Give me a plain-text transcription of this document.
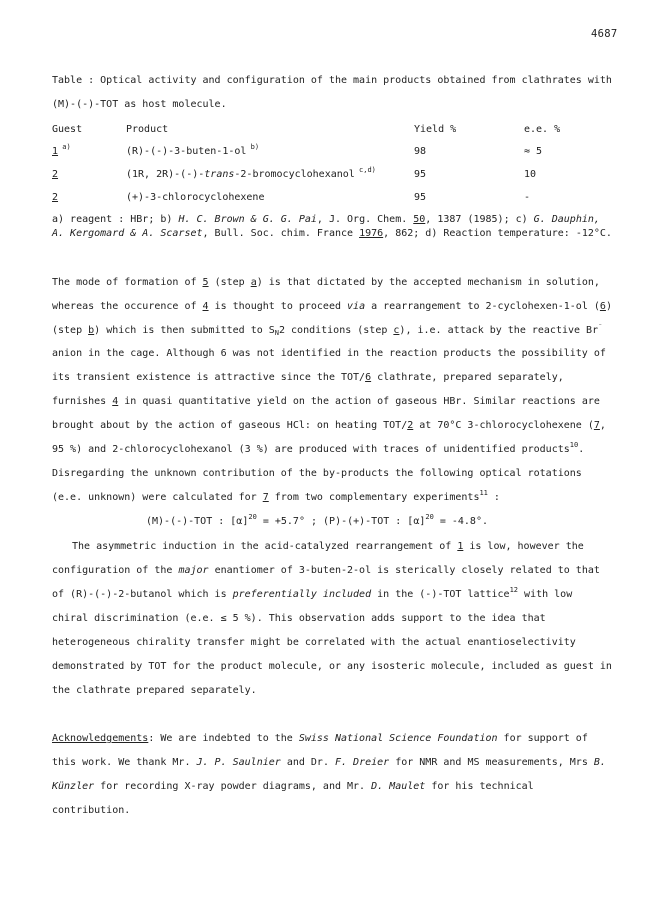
4687
Table : Optical activity and configuration of the main products obtained from clathrates with
(M)-(-)-TOT as host molecule.
Guest	Product	Yield %	e.e. %
1 $^{a)}$	(R)-(-)-3-buten-1-ol $^{b)}$	98	≈ 5
2	(1R, 2R)-(-)-trans-2-bromocyclohexanol $^{c,d)}$	95	10
2	(+)-3-chlorocyclohexene	95	-
a) reagent : HBr; b) H. C. Brown & G. G. Pai, J. Org. Chem. 50, 1387 (1985); c) G. Dauphin,
A. Kergomard & A. Scarset, Bull. Soc. chim. France 1976, 862; d) Reaction temperature: -12°C.
The mode of formation of 5 (step a) is that dictated by the accepted mechanism in solution,
whereas the occurence of 4 is thought to proceed via a rearrangement to 2-cyclohexen-1-ol (6)
(step b) which is then submitted to $S_N2$ conditions (step c), i.e. attack by the reactive Br⁻
anion in the cage. Although 6 was not identified in the reaction products the possibility of
its transient existence is attractive since the TOT/6 clathrate, prepared separately,
furnishes 4 in quasi quantitative yield on the action of gaseous HBr. Similar reactions are
brought about by the action of gaseous HCl: on heating TOT/2 at 70°C 3-chlorocyclohexene (7,
95 %) and 2-chlorocyclohexanol (3 %) are produced with traces of unidentified products$^{10}$.
Disregarding the unknown contribution of the by-products the following optical rotations
(e.e. unknown) were calculated for 7 from two complementary experiments$^{11}$ :
(M)-(-)-TOT : $[\alpha]^{20} = +5.7^\circ$ ; (P)-(+)-TOT : $[\alpha]^{20} = -4.8^\circ$.
The asymmetric induction in the acid-catalyzed rearrangement of 1 is low, however the
configuration of the major enantiomer of 3-buten-2-ol is sterically closely related to that
of (R)-(-)-2-butanol which is preferentially included in the (-)-TOT lattice$^{12}$ with low
chiral discrimination (e.e. ≤ 5 %). This observation adds support to the idea that
heterogeneous chirality transfer might be correlated with the actual enantioselectivity
demonstrated by TOT for the product molecule, or any isosteric molecule, included as guest in
the clathrate prepared separately.
Acknowledgements: We are indebted to the Swiss National Science Foundation for support of
this work. We thank Mr. J. P. Saulnier and Dr. F. Dreier for NMR and MS measurements, Mrs B.
Künzler for recording X-ray powder diagrams, and Mr. D. Maulet for his technical
contribution.
